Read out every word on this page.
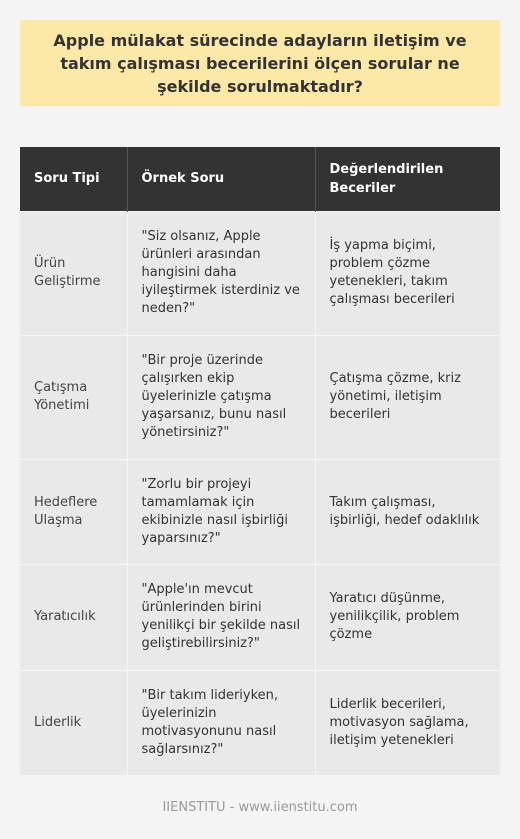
Apple mülakat sürecinde adayların iletişim ve takım çalışması becerilerini ölçen sorular ne şekilde sorulmaktadır?
Soru Tipi	Örnek Soru	Değerlendirilen Beceriler
Ürün Geliştirme	"Siz olsanız, Apple ürünleri arasından hangisini daha iyileştirmek isterdiniz ve neden?"	İş yapma biçimi, problem çözme yetenekleri, takım çalışması becerileri
Çatışma Yönetimi	"Bir proje üzerinde çalışırken ekip üyelerinizle çatışma yaşarsanız, bunu nasıl yönetirsiniz?"	Çatışma çözme, kriz yönetimi, iletişim becerileri
Hedeflere Ulaşma	"Zorlu bir projeyi tamamlamak için ekibinizle nasıl işbirliği yaparsınız?"	Takım çalışması, işbirliği, hedef odaklılık
Yaratıcılık	"Apple'ın mevcut ürünlerinden birini yenilikçi bir şekilde nasıl geliştirebilirsiniz?"	Yaratıcı düşünme, yenilikçilik, problem çözme
Liderlik	"Bir takım lideriyken, üyelerinizin motivasyonunu nasıl sağlarsınız?"	Liderlik becerileri, motivasyon sağlama, iletişim yetenekleri
IIENSTITU - www.iienstitu.com
